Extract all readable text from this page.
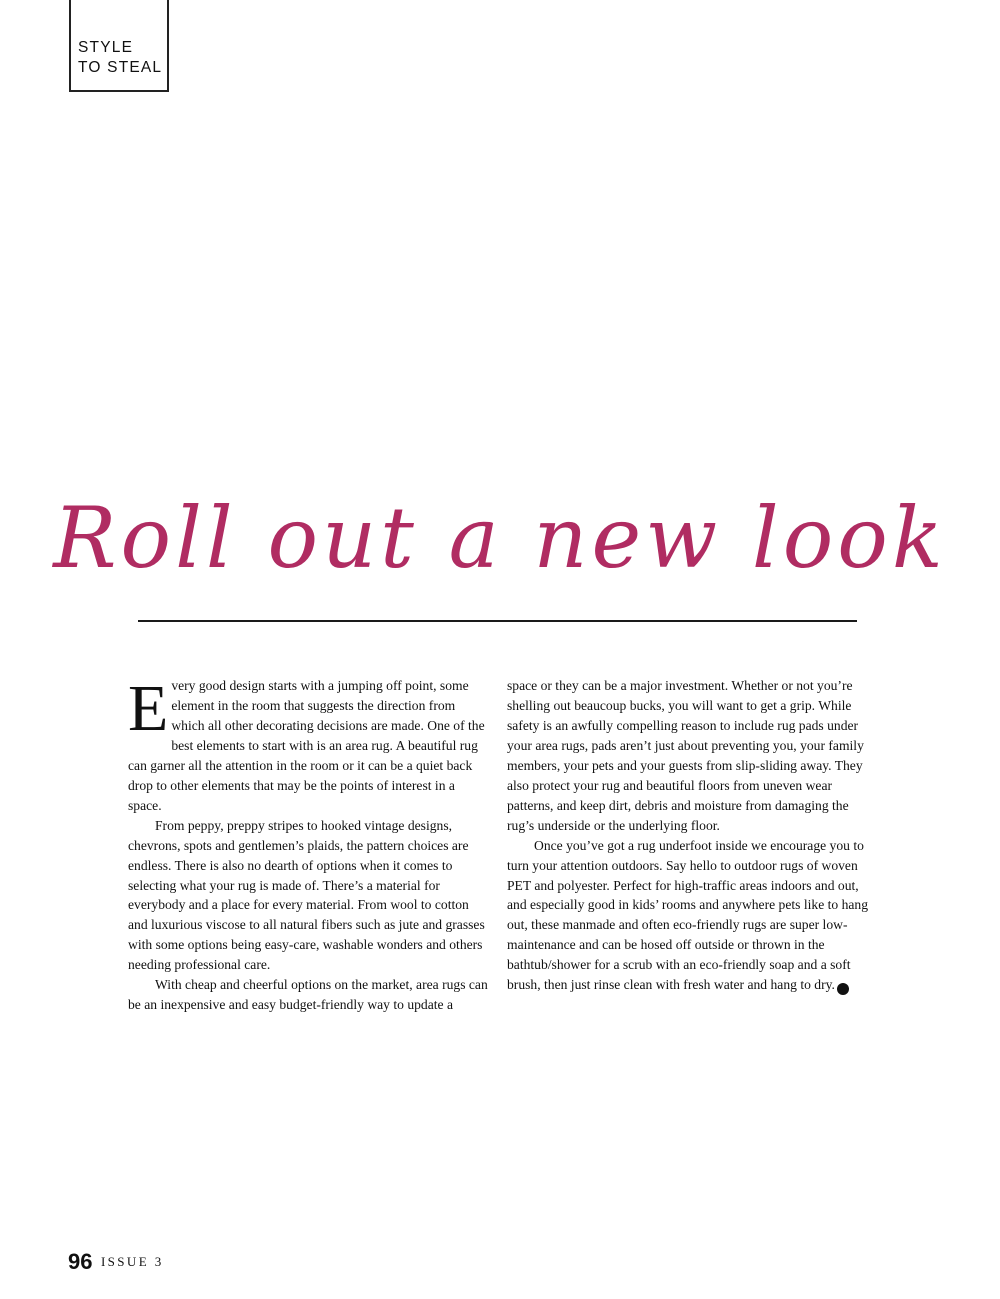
STYLE
TO STEAL
Roll out a new look

Every good design starts with a jumping off point, some element in the room that suggests the direction from which all other decorating decisions are made. One of the best elements to start with is an area rug. A beautiful rug can garner all the attention in the room or it can be a quiet back drop to other elements that may be the points of interest in a space.

From peppy, preppy stripes to hooked vintage designs, chevrons, spots and gentlemen’s plaids, the pattern choices are endless. There is also no dearth of options when it comes to selecting what your rug is made of. There’s a material for everybody and a place for every material. From wool to cotton and luxurious viscose to all natural fibers such as jute and grasses with some options being easy-care, washable wonders and others needing professional care.

With cheap and cheerful options on the market, area rugs can be an inexpensive and easy budget-friendly way to update a

space or they can be a major investment. Whether or not you’re shelling out beaucoup bucks, you will want to get a grip. While safety is an awfully compelling reason to include rug pads under your area rugs, pads aren’t just about preventing you, your family members, your pets and your guests from slip-sliding away. They also protect your rug and beautiful floors from uneven wear patterns, and keep dirt, debris and moisture from damaging the rug’s underside or the underlying floor.

Once you’ve got a rug underfoot inside we encourage you to turn your attention outdoors. Say hello to outdoor rugs of woven PET and polyester. Perfect for high-traffic areas indoors and out, and especially good in kids’ rooms and anywhere pets like to hang out, these manmade and often eco-friendly rugs are super low-maintenance and can be hosed off outside or thrown in the bathtub/shower for a scrub with an eco-friendly soap and a soft brush, then just rinse clean with fresh water and hang to dry.	AH

96 ISSUE 3
